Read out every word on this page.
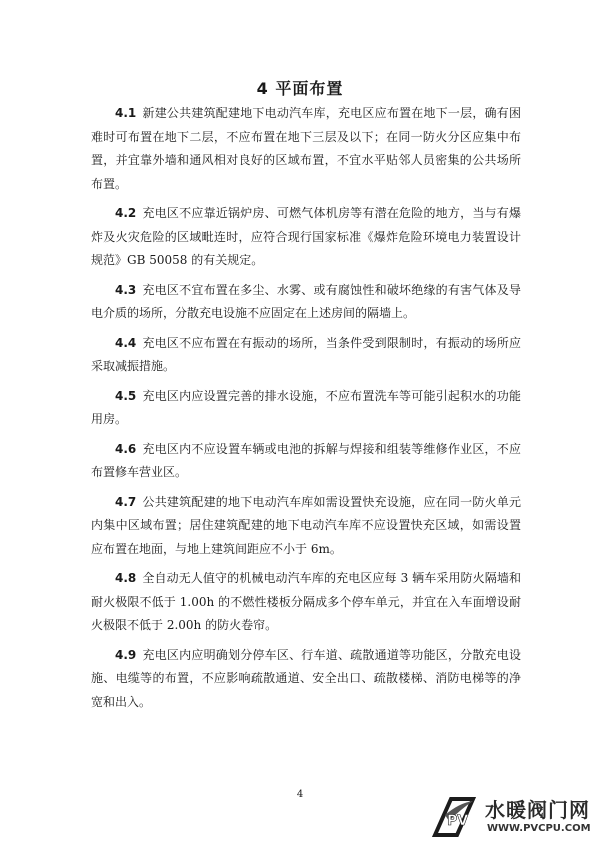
4 平面布置

4.1 新建公共建筑配建地下电动汽车库，充电区应布置在地下一层，确有困难时可布置在地下二层，不应布置在地下三层及以下；在同一防火分区应集中布置，并宜靠外墙和通风相对良好的区域布置，不宜水平贴邻人员密集的公共场所布置。

4.2 充电区不应靠近锅炉房、可燃气体机房等有潜在危险的地方，当与有爆炸及火灾危险的区域毗连时，应符合现行国家标准《爆炸危险环境电力装置设计规范》GB 50058 的有关规定。

4.3 充电区不宜布置在多尘、水雾、或有腐蚀性和破坏绝缘的有害气体及导电介质的场所，分散充电设施不应固定在上述房间的隔墙上。

4.4 充电区不应布置在有振动的场所，当条件受到限制时，有振动的场所应采取减振措施。

4.5 充电区内应设置完善的排水设施，不应布置洗车等可能引起积水的功能用房。

4.6 充电区内不应设置车辆或电池的拆解与焊接和组装等维修作业区，不应布置修车营业区。

4.7 公共建筑配建的地下电动汽车库如需设置快充设施，应在同一防火单元内集中区域布置；居住建筑配建的地下电动汽车库不应设置快充区域，如需设置应布置在地面，与地上建筑间距应不小于 6m。

4.8 全自动无人值守的机械电动汽车库的充电区应每 3 辆车采用防火隔墙和耐火极限不低于 1.00h 的不燃性楼板分隔成多个停车单元，并宜在入车面增设耐火极限不低于 2.00h 的防火卷帘。

4.9 充电区内应明确划分停车区、行车道、疏散通道等功能区，分散充电设施、电缆等的布置，不应影响疏散通道、安全出口、疏散楼梯、消防电梯等的净宽和出入。

4
PV 水暖阀门网
WWW.PVCPU.COM
